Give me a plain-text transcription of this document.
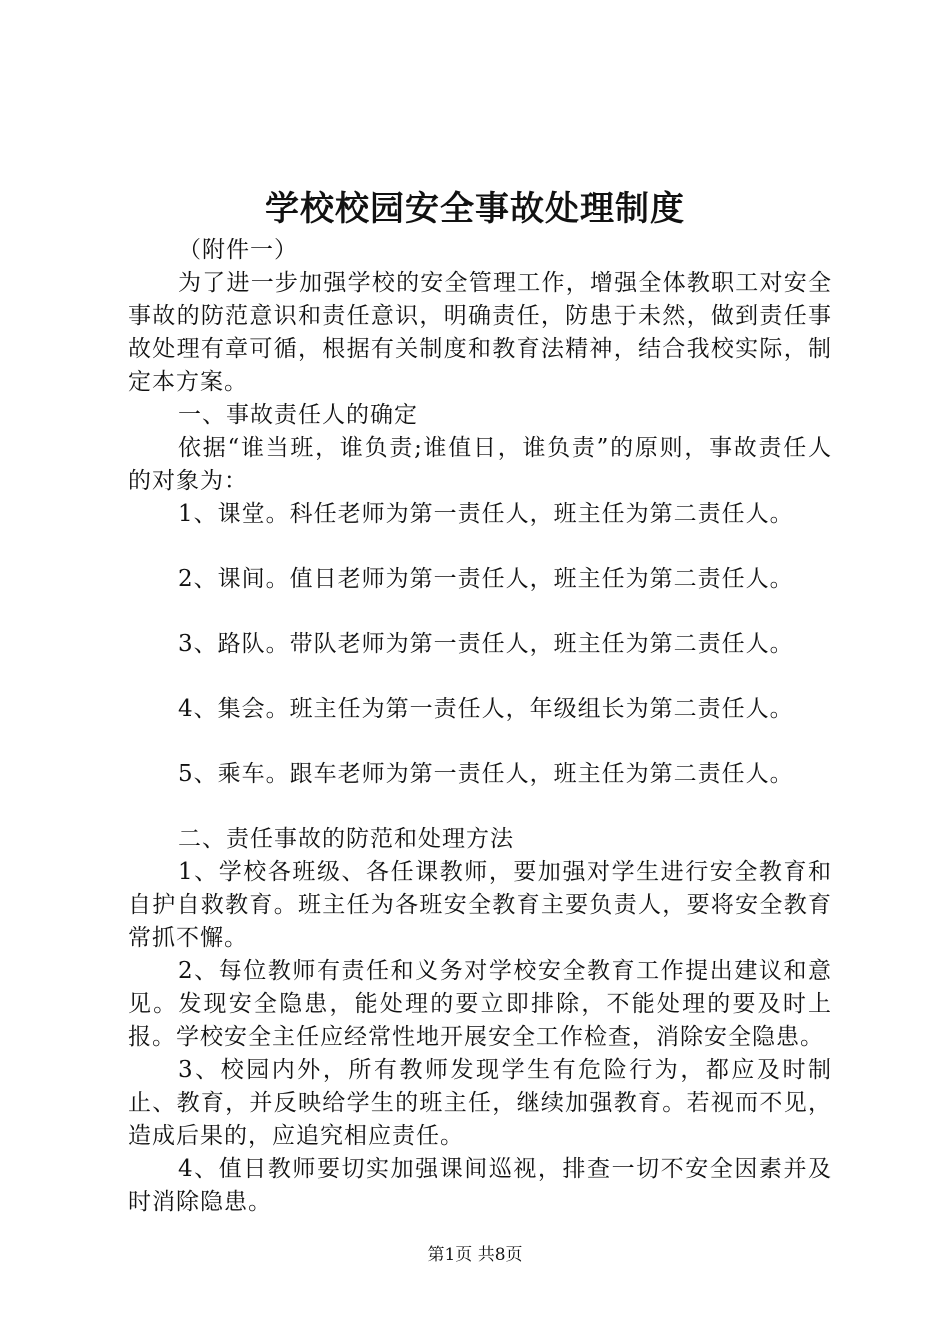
学校校园安全事故处理制度

（附件一）

为了进一步加强学校的安全管理工作，增强全体教职工对安全事故的防范意识和责任意识，明确责任，防患于未然，做到责任事故处理有章可循，根据有关制度和教育法精神，结合我校实际，制定本方案。

一、事故责任人的确定

依据“谁当班，谁负责;谁值日，谁负责”的原则，事故责任人的对象为：

1、课堂。科任老师为第一责任人，班主任为第二责任人。

2、课间。值日老师为第一责任人，班主任为第二责任人。

3、路队。带队老师为第一责任人，班主任为第二责任人。

4、集会。班主任为第一责任人，年级组长为第二责任人。

5、乘车。跟车老师为第一责任人，班主任为第二责任人。

二、责任事故的防范和处理方法

1、学校各班级、各任课教师，要加强对学生进行安全教育和自护自救教育。班主任为各班安全教育主要负责人，要将安全教育常抓不懈。

2、每位教师有责任和义务对学校安全教育工作提出建议和意见。发现安全隐患，能处理的要立即排除，不能处理的要及时上报。学校安全主任应经常性地开展安全工作检查，消除安全隐患。

3、校园内外，所有教师发现学生有危险行为，都应及时制止、教育，并反映给学生的班主任，继续加强教育。若视而不见，造成后果的，应追究相应责任。

4、值日教师要切实加强课间巡视，排查一切不安全因素并及时消除隐患。

第1页 共8页
